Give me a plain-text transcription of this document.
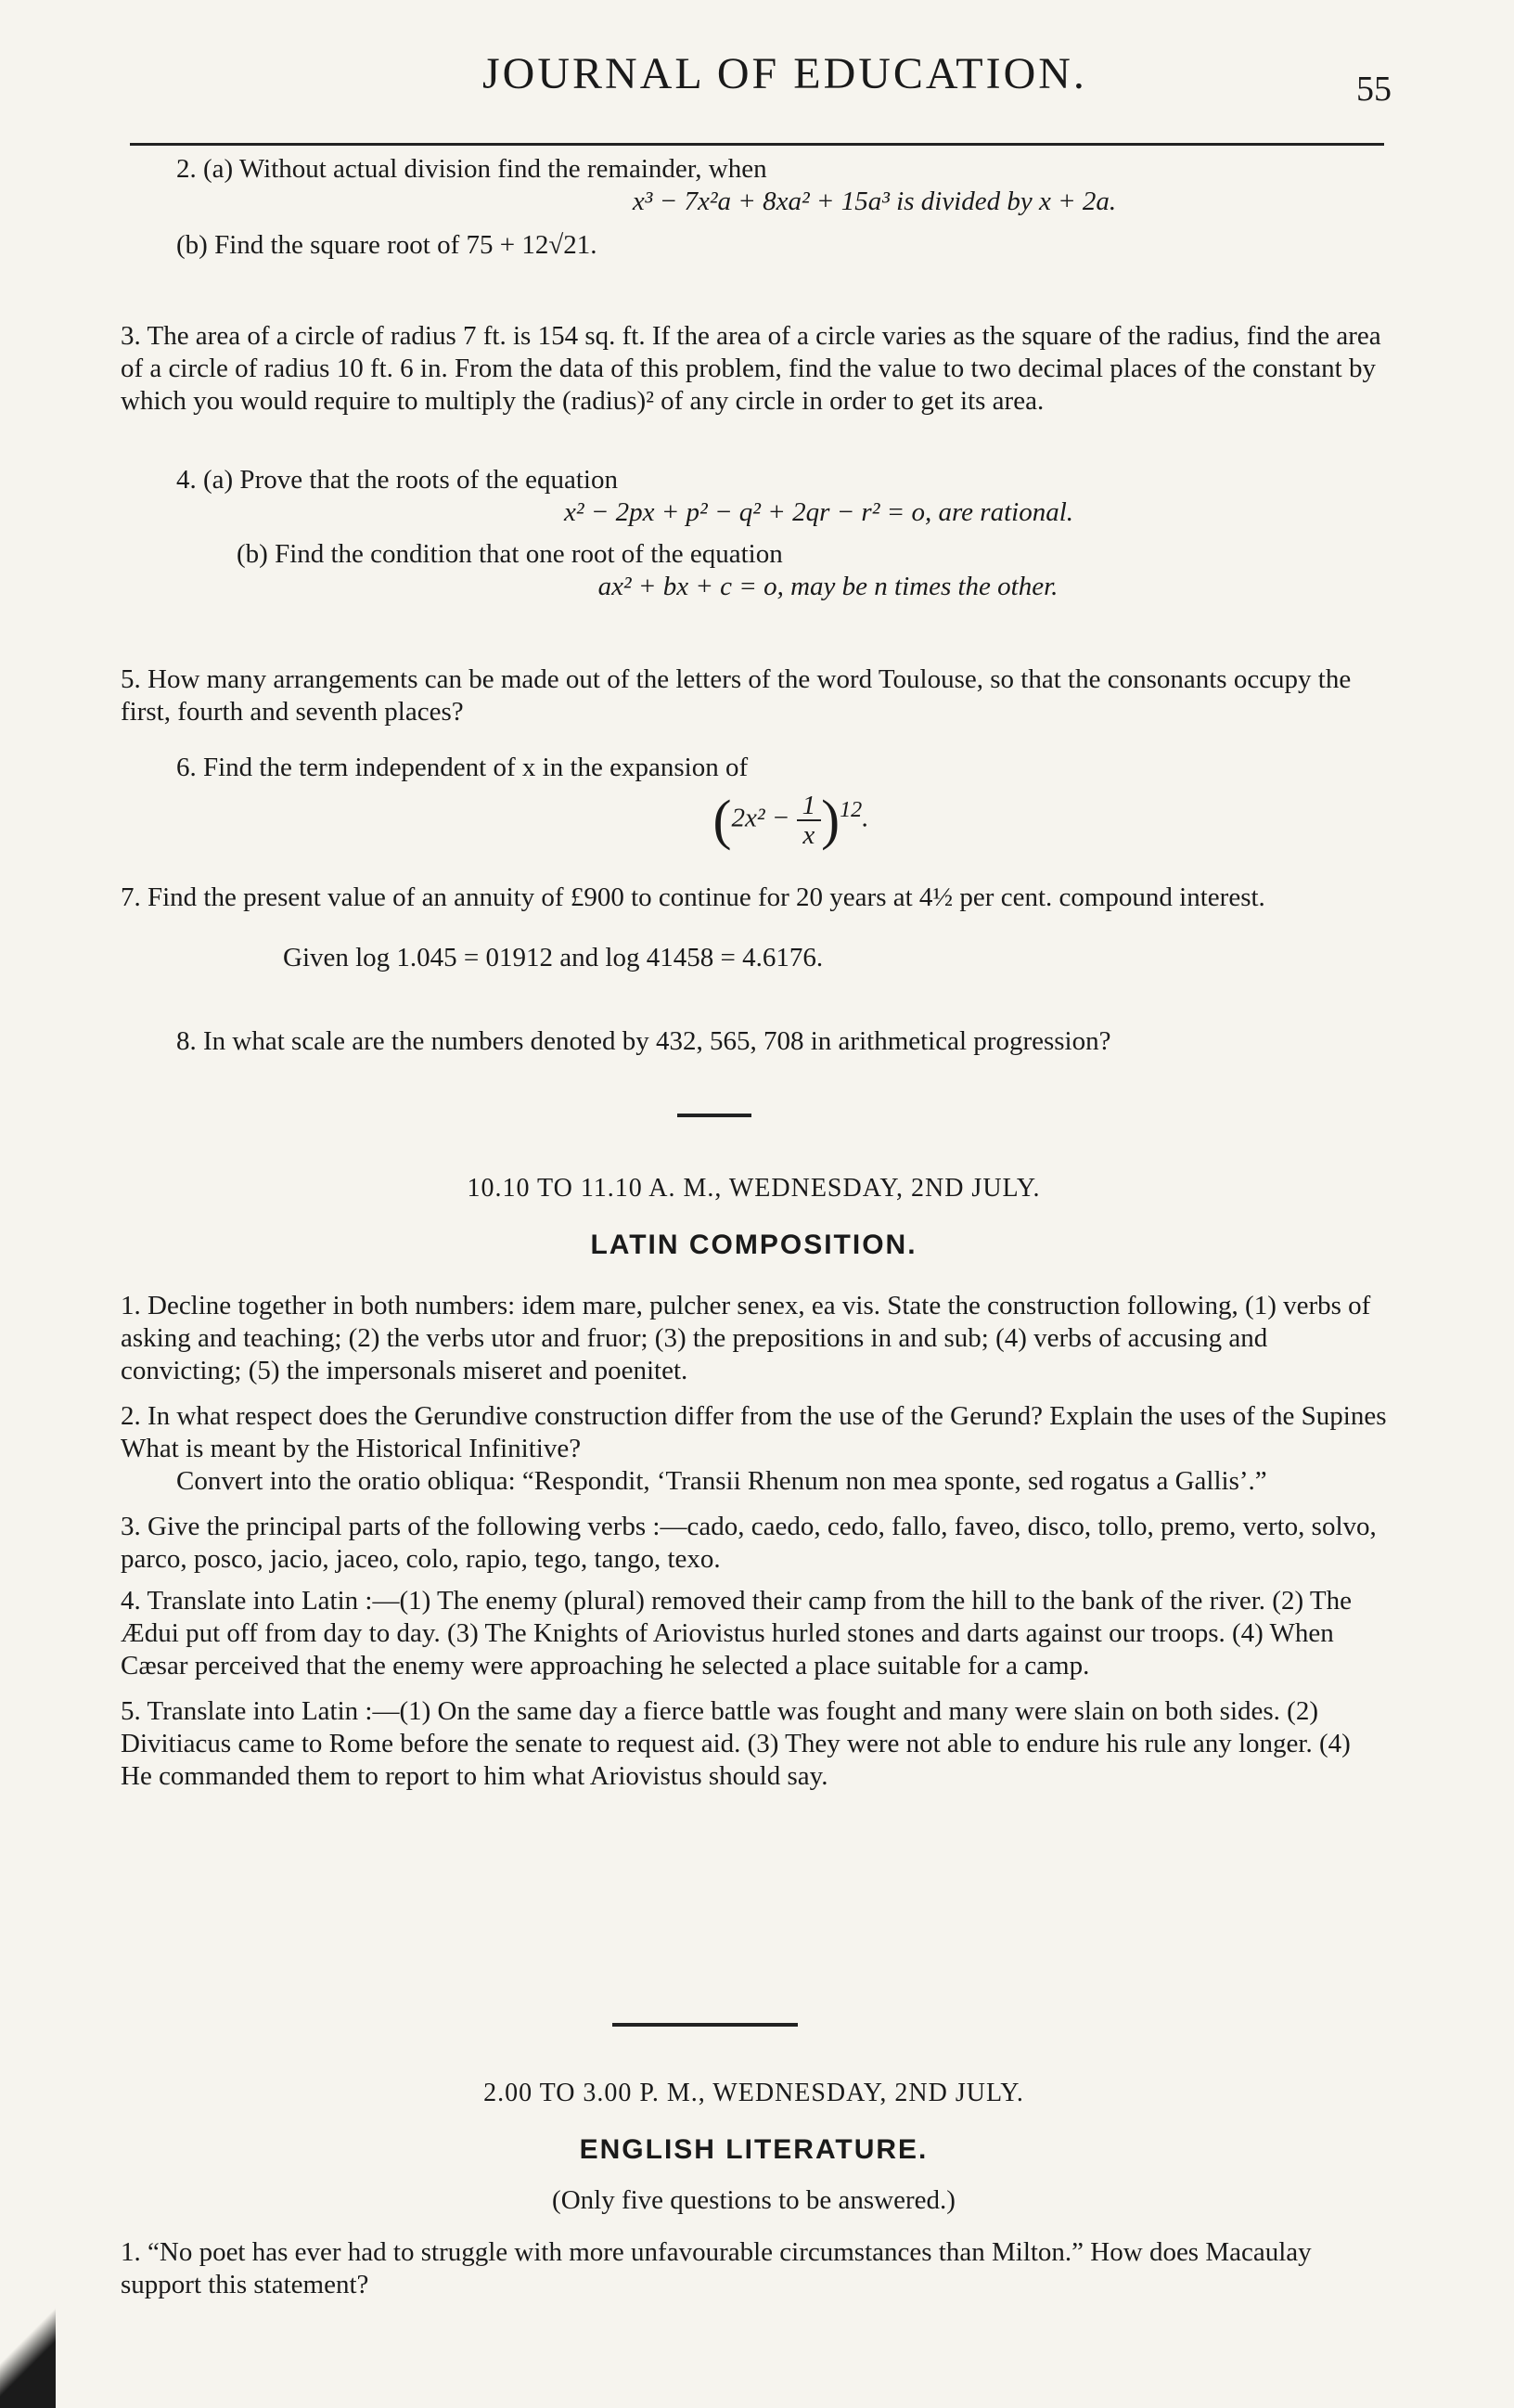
JOURNAL OF EDUCATION.	55

2. (a) Without actual division find the remainder, when

x³ − 7x²a + 8xa² + 15a³ is divided by x + 2a.

(b) Find the square root of 75 + 12√21.

3. The area of a circle of radius 7 ft. is 154 sq. ft. If the area of a circle varies as the square of the radius, find the area of a circle of radius 10 ft. 6 in. From the data of this problem, find the value to two decimal places of the constant by which you would require to multiply the (radius)² of any circle in order to get its area.

4. (a) Prove that the roots of the equation

x² − 2px + p² − q² + 2qr − r² = o, are rational.

(b) Find the condition that one root of the equation

ax² + bx + c = o, may be n times the other.

5. How many arrangements can be made out of the letters of the word Toulouse, so that the consonants occupy the first, fourth and seventh places?

6. Find the term independent of x in the expansion of

$(2x^2 - \frac{1}{x} )^{12}$.

7. Find the present value of an annuity of £900 to continue for 20 years at 4½ per cent. compound interest.

Given log 1.045 = 01912 and log 41458 = 4.6176.

8. In what scale are the numbers denoted by 432, 565, 708 in arithmetical progression?

10.10 TO 11.10 A. M., WEDNESDAY, 2ND JULY.
LATIN COMPOSITION.

1. Decline together in both numbers: idem mare, pulcher senex, ea vis. State the construction following, (1) verbs of asking and teaching; (2) the verbs utor and fruor; (3) the prepositions in and sub; (4) verbs of accusing and convicting; (5) the impersonals miseret and poenitet.

2. In what respect does the Gerundive construction differ from the use of the Gerund? Explain the uses of the Supines What is meant by the Historical Infinitive?

Convert into the oratio obliqua: “Respondit, ‘Transii Rhenum non mea sponte, sed rogatus a Gallis’.”

3. Give the principal parts of the following verbs :—cado, caedo, cedo, fallo, faveo, disco, tollo, premo, verto, solvo, parco, posco, jacio, jaceo, colo, rapio, tego, tango, texo.

4. Translate into Latin :—(1) The enemy (plural) removed their camp from the hill to the bank of the river. (2) The Ædui put off from day to day. (3) The Knights of Ariovistus hurled stones and darts against our troops. (4) When Cæsar perceived that the enemy were approaching he selected a place suitable for a camp.

5. Translate into Latin :—(1) On the same day a fierce battle was fought and many were slain on both sides. (2) Divitiacus came to Rome before the senate to request aid. (3) They were not able to endure his rule any longer. (4) He commanded them to report to him what Ariovistus should say.

2.00 TO 3.00 P. M., WEDNESDAY, 2ND JULY.
ENGLISH LITERATURE.
(Only five questions to be answered.)

1. “No poet has ever had to struggle with more unfavourable circumstances than Milton.” How does Macaulay support this statement?
